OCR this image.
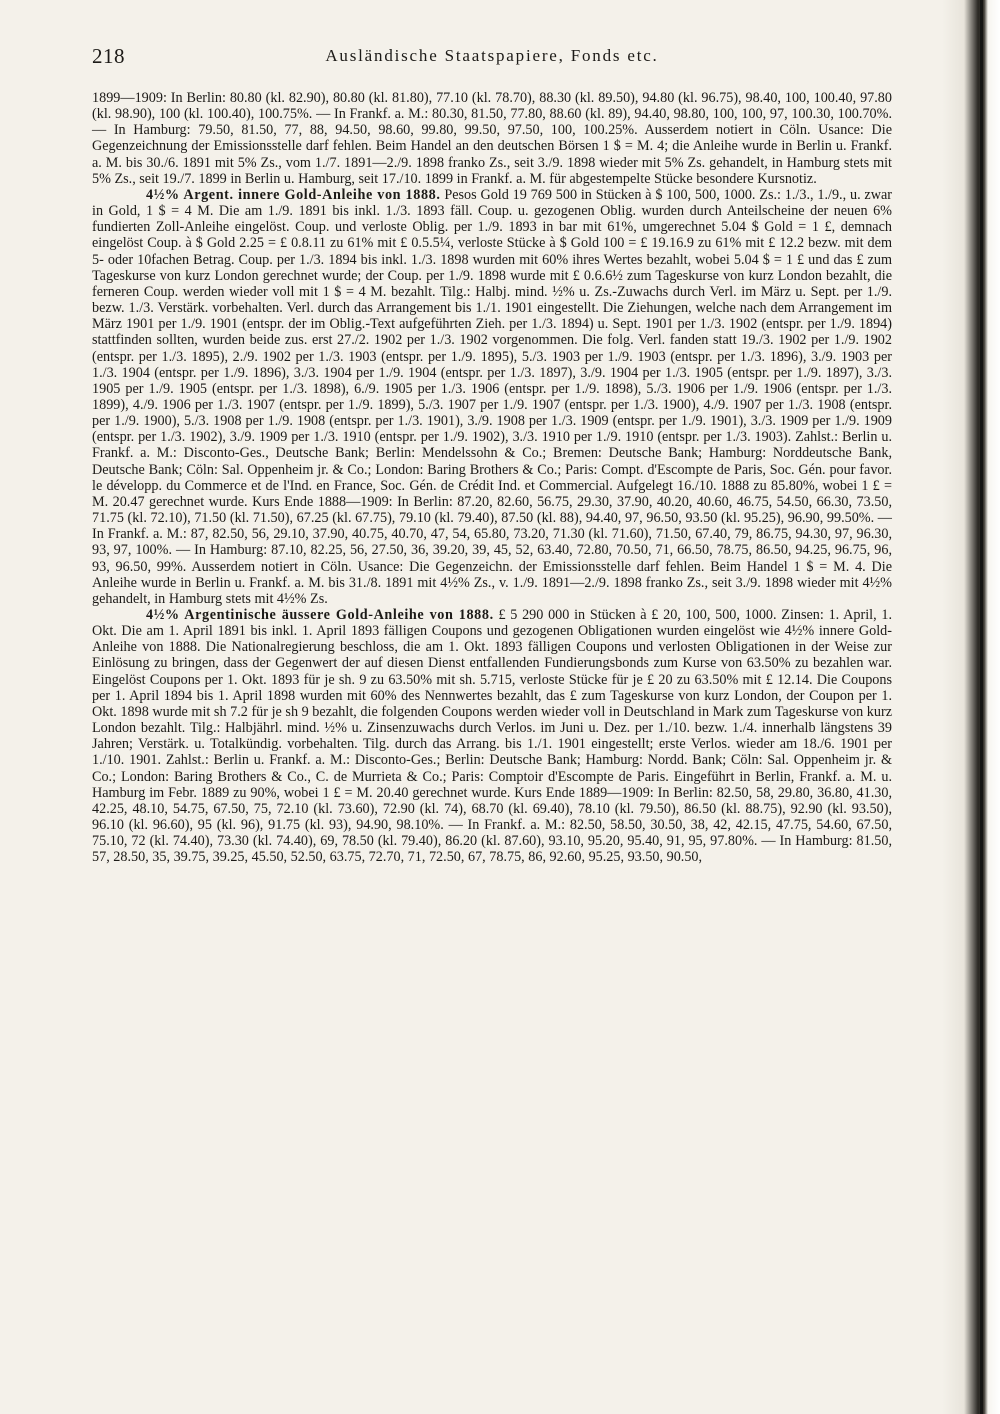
218	Ausländische Staatspapiere, Fonds etc.

1899—1909: In Berlin: 80.80 (kl. 82.90), 80.80 (kl. 81.80), 77.10 (kl. 78.70), 88.30 (kl. 89.50), 94.80 (kl. 96.75), 98.40, 100, 100.40, 97.80 (kl. 98.90), 100 (kl. 100.40), 100.75%. — In Frankf. a. M.: 80.30, 81.50, 77.80, 88.60 (kl. 89), 94.40, 98.80, 100, 100, 97, 100.30, 100.70%. — In Hamburg: 79.50, 81.50, 77, 88, 94.50, 98.60, 99.80, 99.50, 97.50, 100, 100.25%. Ausserdem notiert in Cöln. Usance: Die Gegenzeichnung der Emissionsstelle darf fehlen. Beim Handel an den deutschen Börsen 1 $ = M. 4; die Anleihe wurde in Berlin u. Frankf. a. M. bis 30./6. 1891 mit 5% Zs., vom 1./7. 1891—2./9. 1898 franko Zs., seit 3./9. 1898 wieder mit 5% Zs. gehandelt, in Hamburg stets mit 5% Zs., seit 19./7. 1899 in Berlin u. Hamburg, seit 17./10. 1899 in Frankf. a. M. für abgestempelte Stücke besondere Kursnotiz.

4½% Argent. innere Gold-Anleihe von 1888. Pesos Gold 19 769 500 in Stücken à $ 100, 500, 1000. Zs.: 1./3., 1./9., u. zwar in Gold, 1 $ = 4 M. Die am 1./9. 1891 bis inkl. 1./3. 1893 fäll. Coup. u. gezogenen Oblig. wurden durch Anteilscheine der neuen 6% fundierten Zoll-Anleihe eingelöst. Coup. und verloste Oblig. per 1./9. 1893 in bar mit 61%, umgerechnet 5.04 $ Gold = 1 £, demnach eingelöst Coup. à $ Gold 2.25 = £ 0.8.11 zu 61% mit £ 0.5.5¼, verloste Stücke à $ Gold 100 = £ 19.16.9 zu 61% mit £ 12.2 bezw. mit dem 5- oder 10fachen Betrag. Coup. per 1./3. 1894 bis inkl. 1./3. 1898 wurden mit 60% ihres Wertes bezahlt, wobei 5.04 $ = 1 £ und das £ zum Tageskurse von kurz London gerechnet wurde; der Coup. per 1./9. 1898 wurde mit £ 0.6.6½ zum Tageskurse von kurz London bezahlt, die ferneren Coup. werden wieder voll mit 1 $ = 4 M. bezahlt. Tilg.: Halbj. mind. ½% u. Zs.-Zuwachs durch Verl. im März u. Sept. per 1./9. bezw. 1./3. Verstärk. vorbehalten. Verl. durch das Arrangement bis 1./1. 1901 eingestellt. Die Ziehungen, welche nach dem Arrangement im März 1901 per 1./9. 1901 (entspr. der im Oblig.-Text aufgeführten Zieh. per 1./3. 1894) u. Sept. 1901 per 1./3. 1902 (entspr. per 1./9. 1894) stattfinden sollten, wurden beide zus. erst 27./2. 1902 per 1./3. 1902 vorgenommen. Die folg. Verl. fanden statt 19./3. 1902 per 1./9. 1902 (entspr. per 1./3. 1895), 2./9. 1902 per 1./3. 1903 (entspr. per 1./9. 1895), 5./3. 1903 per 1./9. 1903 (entspr. per 1./3. 1896), 3./9. 1903 per 1./3. 1904 (entspr. per 1./9. 1896), 3./3. 1904 per 1./9. 1904 (entspr. per 1./3. 1897), 3./9. 1904 per 1./3. 1905 (entspr. per 1./9. 1897), 3./3. 1905 per 1./9. 1905 (entspr. per 1./3. 1898), 6./9. 1905 per 1./3. 1906 (entspr. per 1./9. 1898), 5./3. 1906 per 1./9. 1906 (entspr. per 1./3. 1899), 4./9. 1906 per 1./3. 1907 (entspr. per 1./9. 1899), 5./3. 1907 per 1./9. 1907 (entspr. per 1./3. 1900), 4./9. 1907 per 1./3. 1908 (entspr. per 1./9. 1900), 5./3. 1908 per 1./9. 1908 (entspr. per 1./3. 1901), 3./9. 1908 per 1./3. 1909 (entspr. per 1./9. 1901), 3./3. 1909 per 1./9. 1909 (entspr. per 1./3. 1902), 3./9. 1909 per 1./3. 1910 (entspr. per 1./9. 1902), 3./3. 1910 per 1./9. 1910 (entspr. per 1./3. 1903). Zahlst.: Berlin u. Frankf. a. M.: Disconto-Ges., Deutsche Bank; Berlin: Mendelssohn & Co.; Bremen: Deutsche Bank; Hamburg: Norddeutsche Bank, Deutsche Bank; Cöln: Sal. Oppenheim jr. & Co.; London: Baring Brothers & Co.; Paris: Compt. d'Escompte de Paris, Soc. Gén. pour favor. le développ. du Commerce et de l'Ind. en France, Soc. Gén. de Crédit Ind. et Commercial. Aufgelegt 16./10. 1888 zu 85.80%, wobei 1 £ = M. 20.47 gerechnet wurde. Kurs Ende 1888—1909: In Berlin: 87.20, 82.60, 56.75, 29.30, 37.90, 40.20, 40.60, 46.75, 54.50, 66.30, 73.50, 71.75 (kl. 72.10), 71.50 (kl. 71.50), 67.25 (kl. 67.75), 79.10 (kl. 79.40), 87.50 (kl. 88), 94.40, 97, 96.50, 93.50 (kl. 95.25), 96.90, 99.50%. — In Frankf. a. M.: 87, 82.50, 56, 29.10, 37.90, 40.75, 40.70, 47, 54, 65.80, 73.20, 71.30 (kl. 71.60), 71.50, 67.40, 79, 86.75, 94.30, 97, 96.30, 93, 97, 100%. — In Hamburg: 87.10, 82.25, 56, 27.50, 36, 39.20, 39, 45, 52, 63.40, 72.80, 70.50, 71, 66.50, 78.75, 86.50, 94.25, 96.75, 96, 93, 96.50, 99%. Ausserdem notiert in Cöln. Usance: Die Gegenzeichn. der Emissionsstelle darf fehlen. Beim Handel 1 $ = M. 4. Die Anleihe wurde in Berlin u. Frankf. a. M. bis 31./8. 1891 mit 4½% Zs., v. 1./9. 1891—2./9. 1898 franko Zs., seit 3./9. 1898 wieder mit 4½% gehandelt, in Hamburg stets mit 4½% Zs.

4½% Argentinische äussere Gold-Anleihe von 1888. £ 5 290 000 in Stücken à £ 20, 100, 500, 1000. Zinsen: 1. April, 1. Okt. Die am 1. April 1891 bis inkl. 1. April 1893 fälligen Coupons und gezogenen Obligationen wurden eingelöst wie 4½% innere Gold-Anleihe von 1888. Die Nationalregierung beschloss, die am 1. Okt. 1893 fälligen Coupons und verlosten Obligationen in der Weise zur Einlösung zu bringen, dass der Gegenwert der auf diesen Dienst entfallenden Fundierungsbonds zum Kurse von 63.50% zu bezahlen war. Eingelöst Coupons per 1. Okt. 1893 für je sh. 9 zu 63.50% mit sh. 5.715, verloste Stücke für je £ 20 zu 63.50% mit £ 12.14. Die Coupons per 1. April 1894 bis 1. April 1898 wurden mit 60% des Nennwertes bezahlt, das £ zum Tageskurse von kurz London, der Coupon per 1. Okt. 1898 wurde mit sh 7.2 für je sh 9 bezahlt, die folgenden Coupons werden wieder voll in Deutschland in Mark zum Tageskurse von kurz London bezahlt. Tilg.: Halbjährl. mind. ½% u. Zinsenzuwachs durch Verlos. im Juni u. Dez. per 1./10. bezw. 1./4. innerhalb längstens 39 Jahren; Verstärk. u. Totalkündig. vorbehalten. Tilg. durch das Arrang. bis 1./1. 1901 eingestellt; erste Verlos. wieder am 18./6. 1901 per 1./10. 1901. Zahlst.: Berlin u. Frankf. a. M.: Disconto-Ges.; Berlin: Deutsche Bank; Hamburg: Nordd. Bank; Cöln: Sal. Oppenheim jr. & Co.; London: Baring Brothers & Co., C. de Murrieta & Co.; Paris: Comptoir d'Escompte de Paris. Eingeführt in Berlin, Frankf. a. M. u. Hamburg im Febr. 1889 zu 90%, wobei 1 £ = M. 20.40 gerechnet wurde. Kurs Ende 1889—1909: In Berlin: 82.50, 58, 29.80, 36.80, 41.30, 42.25, 48.10, 54.75, 67.50, 75, 72.10 (kl. 73.60), 72.90 (kl. 74), 68.70 (kl. 69.40), 78.10 (kl. 79.50), 86.50 (kl. 88.75), 92.90 (kl. 93.50), 96.10 (kl. 96.60), 95 (kl. 96), 91.75 (kl. 93), 94.90, 98.10%. — In Frankf. a. M.: 82.50, 58.50, 30.50, 38, 42, 42.15, 47.75, 54.60, 67.50, 75.10, 72 (kl. 74.40), 73.30 (kl. 74.40), 69, 78.50 (kl. 79.40), 86.20 (kl. 87.60), 93.10, 95.20, 95.40, 91, 95, 97.80%. — In Hamburg: 81.50, 57, 28.50, 35, 39.75, 39.25, 45.50, 52.50, 63.75, 72.70, 71, 72.50, 67, 78.75, 86, 92.60, 95.25, 93.50, 90.50,
